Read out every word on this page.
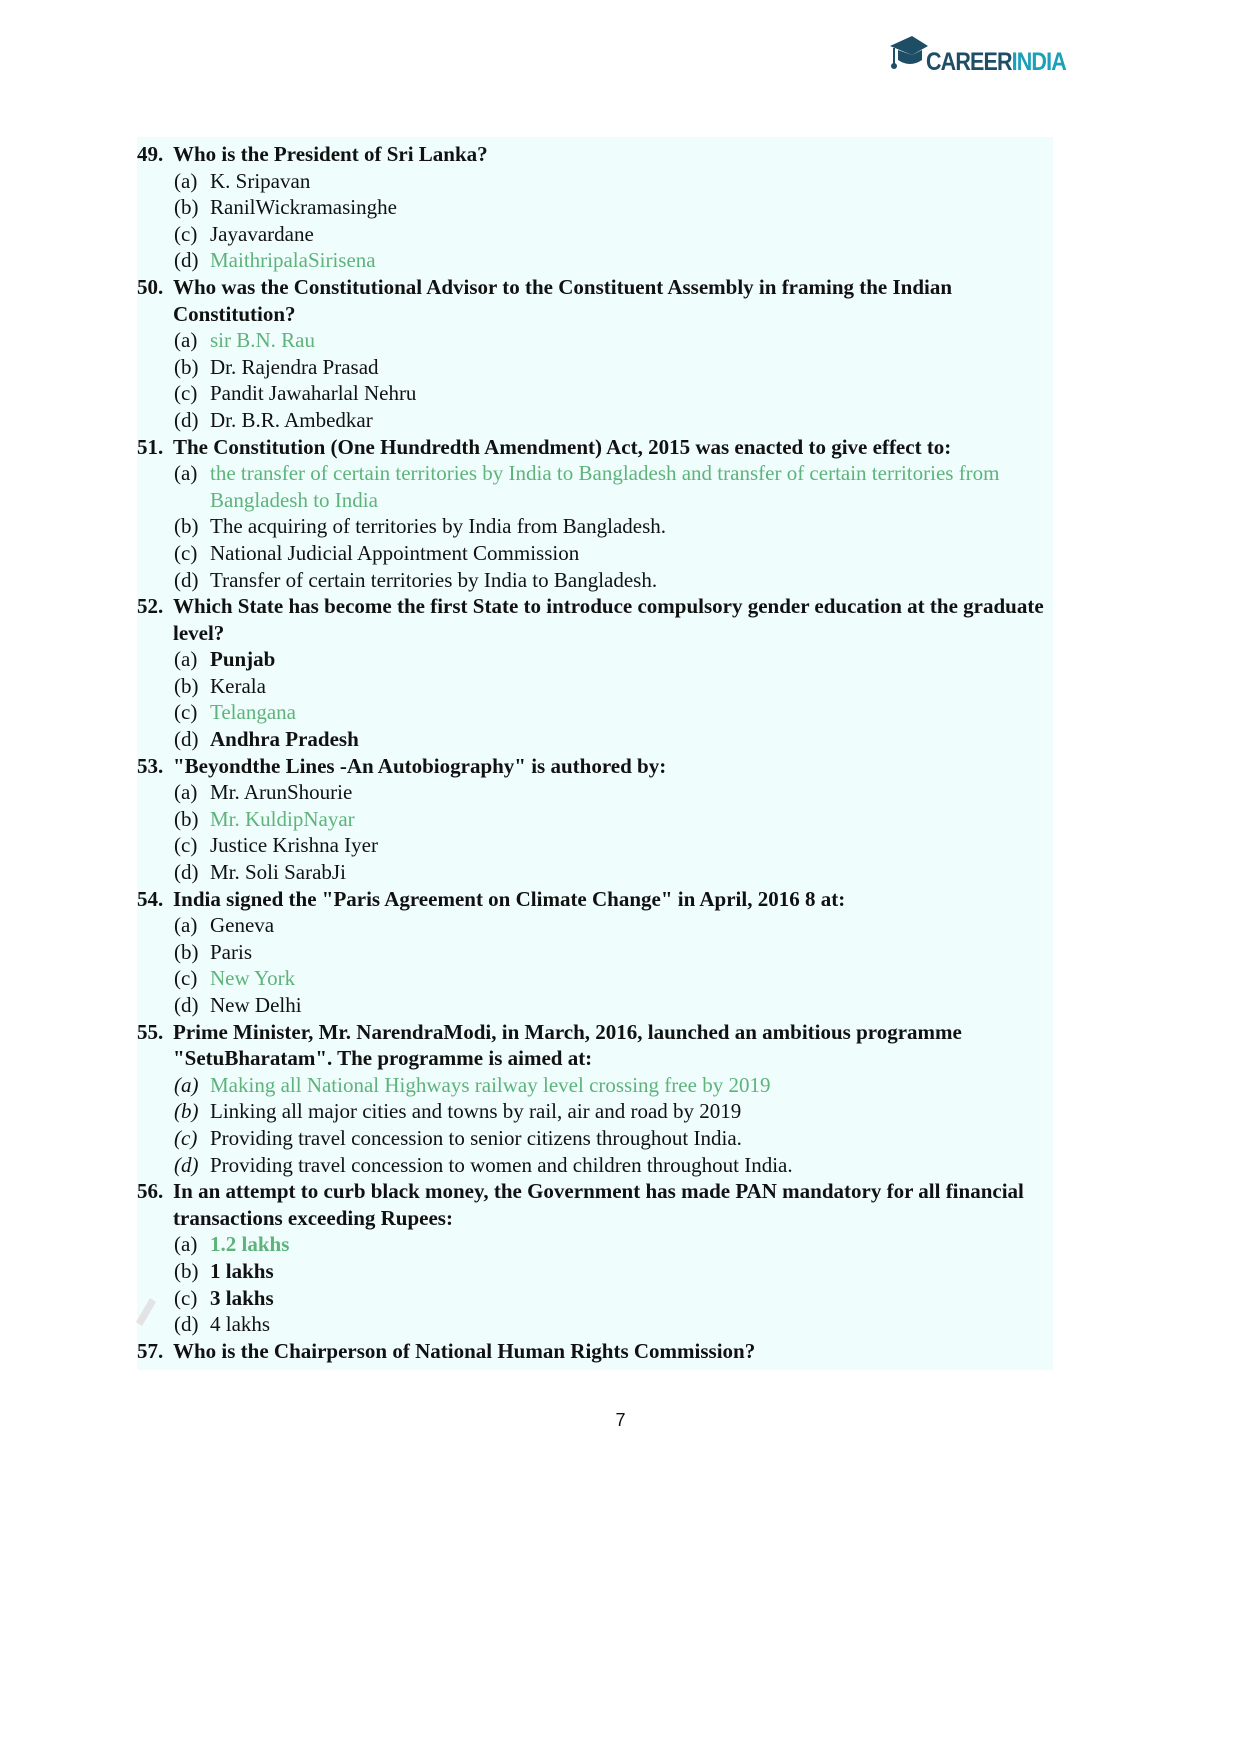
CAREERINDIA
49. Who is the President of Sri Lanka?
(a) K. Sripavan
(b) RanilWickramasinghe
(c) Jayavardane
(d) MaithripalaSirisena
50. Who was the Constitutional Advisor to the Constituent Assembly in framing the Indian Constitution?
(a) sir B.N. Rau
(b) Dr. Rajendra Prasad
(c) Pandit Jawaharlal Nehru
(d) Dr. B.R. Ambedkar
51. The Constitution (One Hundredth Amendment) Act, 2015 was enacted to give effect to:
(a) the transfer of certain territories by India to Bangladesh and transfer of certain territories from Bangladesh to India
(b) The acquiring of territories by India from Bangladesh.
(c) National Judicial Appointment Commission
(d) Transfer of certain territories by India to Bangladesh.
52. Which State has become the first State to introduce compulsory gender education at the graduate level?
(a) Punjab
(b) Kerala
(c) Telangana
(d) Andhra Pradesh
53. "Beyondthe Lines -An Autobiography" is authored by:
(a) Mr. ArunShourie
(b) Mr. KuldipNayar
(c) Justice Krishna Iyer
(d) Mr. Soli SarabJi
54. India signed the "Paris Agreement on Climate Change" in April, 2016 8 at:
(a) Geneva
(b) Paris
(c) New York
(d) New Delhi
55. Prime Minister, Mr. NarendraModi, in March, 2016, launched an ambitious programme "SetuBharatam". The programme is aimed at:
(a) Making all National Highways railway level crossing free by 2019
(b) Linking all major cities and towns by rail, air and road by 2019
(c) Providing travel concession to senior citizens throughout India.
(d) Providing travel concession to women and children throughout India.
56. In an attempt to curb black money, the Government has made PAN mandatory for all financial transactions exceeding Rupees:
(a) 1.2 lakhs
(b) 1 lakhs
(c) 3 lakhs
(d) 4 lakhs
57. Who is the Chairperson of National Human Rights Commission?
7
